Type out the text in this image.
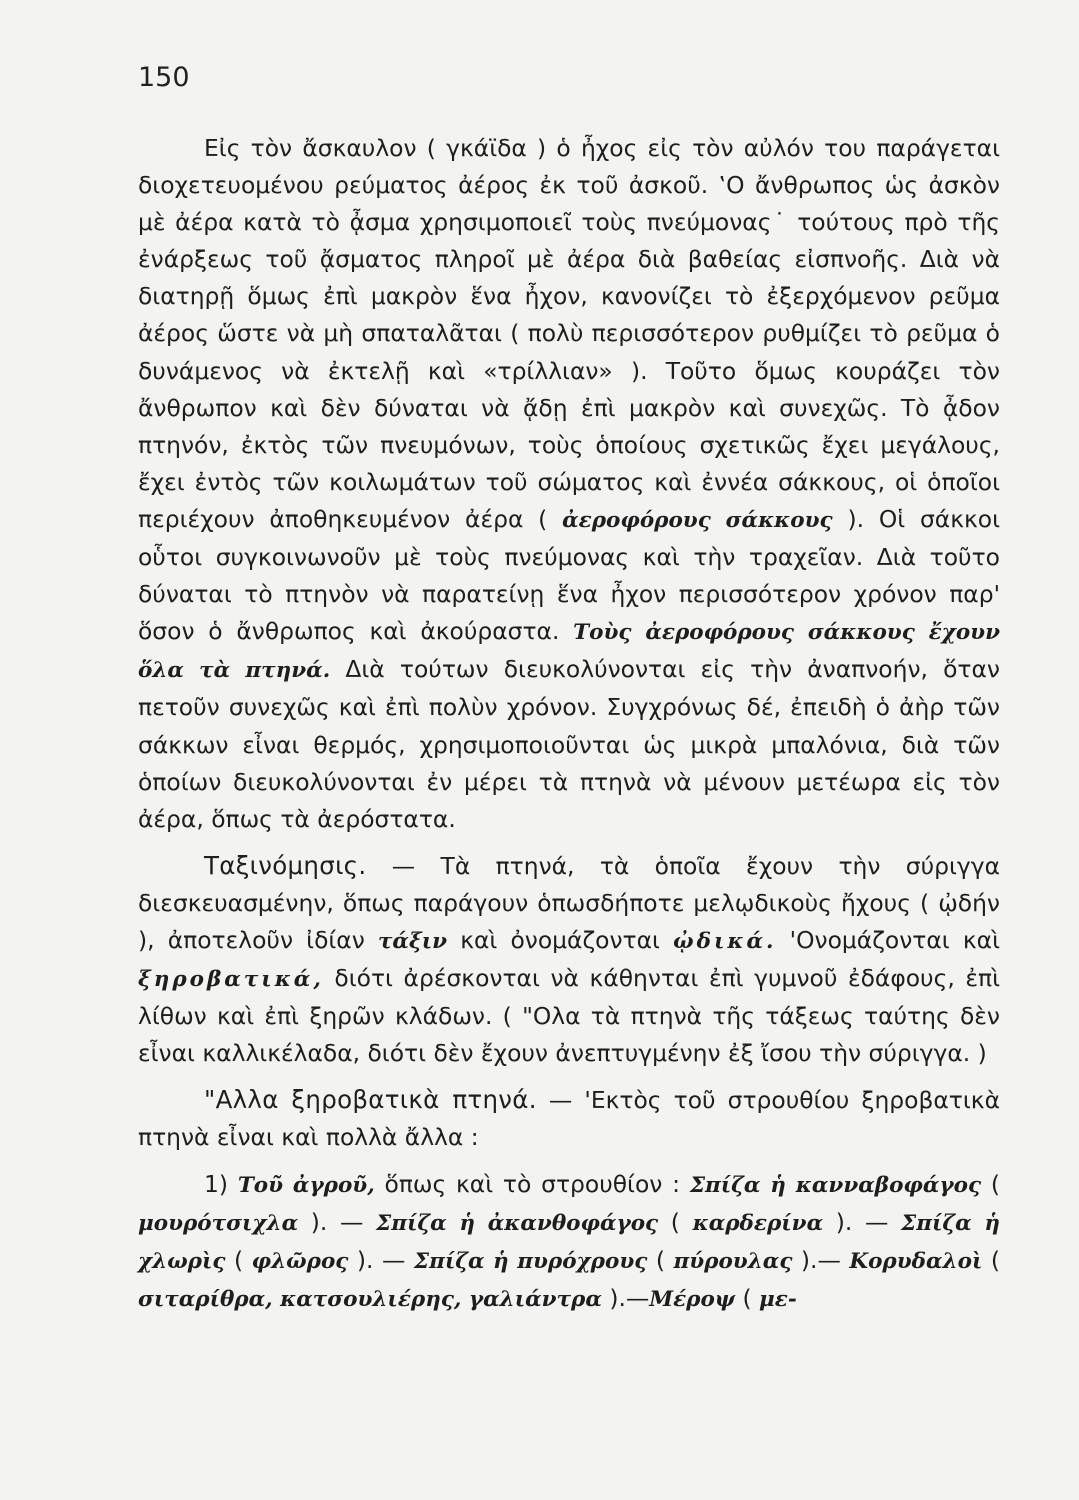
150

Εἰς τὸν ἄσκαυλον ( γκάϊδα ) ὁ ἦχος εἰς τὸν αὐλόν του παράγεται διοχετευομένου ρεύματος ἀέρος ἐκ τοῦ ἀσκοῦ. ‛Ο ἄνθρωπος ὡς ἀσκὸν μὲ ἀέρα κατὰ τὸ ᾆσμα χρησιμοποιεῖ τοὺς πνεύμονας˙ τούτους πρὸ τῆς ἐνάρξεως τοῦ ᾄσματος πληροῖ μὲ ἀέρα διὰ βαθείας εἰσπνοῆς. Διὰ νὰ διατηρῇ ὅμως ἐπὶ μακρὸν ἕνα ἦχον, κανονίζει τὸ ἐξερχόμενον ρεῦμα ἀέρος ὥστε νὰ μὴ σπαταλᾶται ( πολὺ περισσότερον ρυθμίζει τὸ ρεῦμα ὁ δυνάμενος νὰ ἐκτελῇ καὶ «τρίλλιαν» ). Τοῦτο ὅμως κουράζει τὸν ἄνθρωπον καὶ δὲν δύναται νὰ ᾄδῃ ἐπὶ μακρὸν καὶ συνεχῶς. Τὸ ᾆδον πτηνόν, ἐκτὸς τῶν πνευμόνων, τοὺς ὁποίους σχετικῶς ἔχει μεγάλους, ἔχει ἐντὸς τῶν κοιλωμάτων τοῦ σώματος καὶ ἐννέα σάκκους, οἱ ὁποῖοι περιέχουν ἀποθηκευμένον ἀέρα ( ἀεροφόρους σάκκους ). Οἱ σάκκοι οὗτοι συγκοινωνοῦν μὲ τοὺς πνεύμονας καὶ τὴν τραχεῖαν. Διὰ τοῦτο δύναται τὸ πτηνὸν νὰ παρατείνῃ ἕνα ἦχον περισσότερον χρόνον παρ' ὅσον ὁ ἄνθρωπος καὶ ἀκούραστα. Τοὺς ἀεροφόρους σάκκους ἔχουν ὅλα τὰ πτηνά. Διὰ τούτων διευκολύνονται εἰς τὴν ἀναπνοήν, ὅταν πετοῦν συνεχῶς καὶ ἐπὶ πολὺν χρόνον. Συγχρόνως δέ, ἐπειδὴ ὁ ἀὴρ τῶν σάκκων εἶναι θερμός, χρησιμοποιοῦνται ὡς μικρὰ μπαλόνια, διὰ τῶν ὁποίων διευκολύνονται ἐν μέρει τὰ πτηνὰ νὰ μένουν μετέωρα εἰς τὸν ἀέρα, ὅπως τὰ ἀερόστατα.

Ταξινόμησις. — Τὰ πτηνά, τὰ ὁποῖα ἔχουν τὴν σύριγγα διεσκευασμένην, ὅπως παράγουν ὁπωσδήποτε μελῳδικοὺς ἤχους ( ᾠδήν ), ἀποτελοῦν ἰδίαν τάξιν καὶ ὀνομάζονται ᾠδικά. 'Ονομάζονται καὶ ξηροβατικά, διότι ἀρέσκονται νὰ κάθηνται ἐπὶ γυμνοῦ ἐδάφους, ἐπὶ λίθων καὶ ἐπὶ ξηρῶν κλάδων. ( "Ολα τὰ πτηνὰ τῆς τάξεως ταύτης δὲν εἶναι καλλικέλαδα, διότι δὲν ἔχουν ἀνεπτυγμένην ἐξ ἴσου τὴν σύριγγα. )

"Αλλα ξηροβατικὰ πτηνά. — 'Εκτὸς τοῦ στρουθίου ξηροβατικὰ πτηνὰ εἶναι καὶ πολλὰ ἄλλα :

1) Τοῦ ἀγροῦ, ὅπως καὶ τὸ στρουθίον : Σπίζα ἡ κανναβοφάγος ( μουρότσιχλα ). — Σπίζα ἡ ἀκανθοφάγος ( καρδερίνα ). — Σπίζα ἡ χλωρὶς ( φλῶρος ). — Σπίζα ἡ πυρόχρους ( πύρουλας ).— Κορυδαλοὶ ( σιταρίθρα, κατσουλιέρης, γαλιάντρα ).—Μέροψ ( με-
